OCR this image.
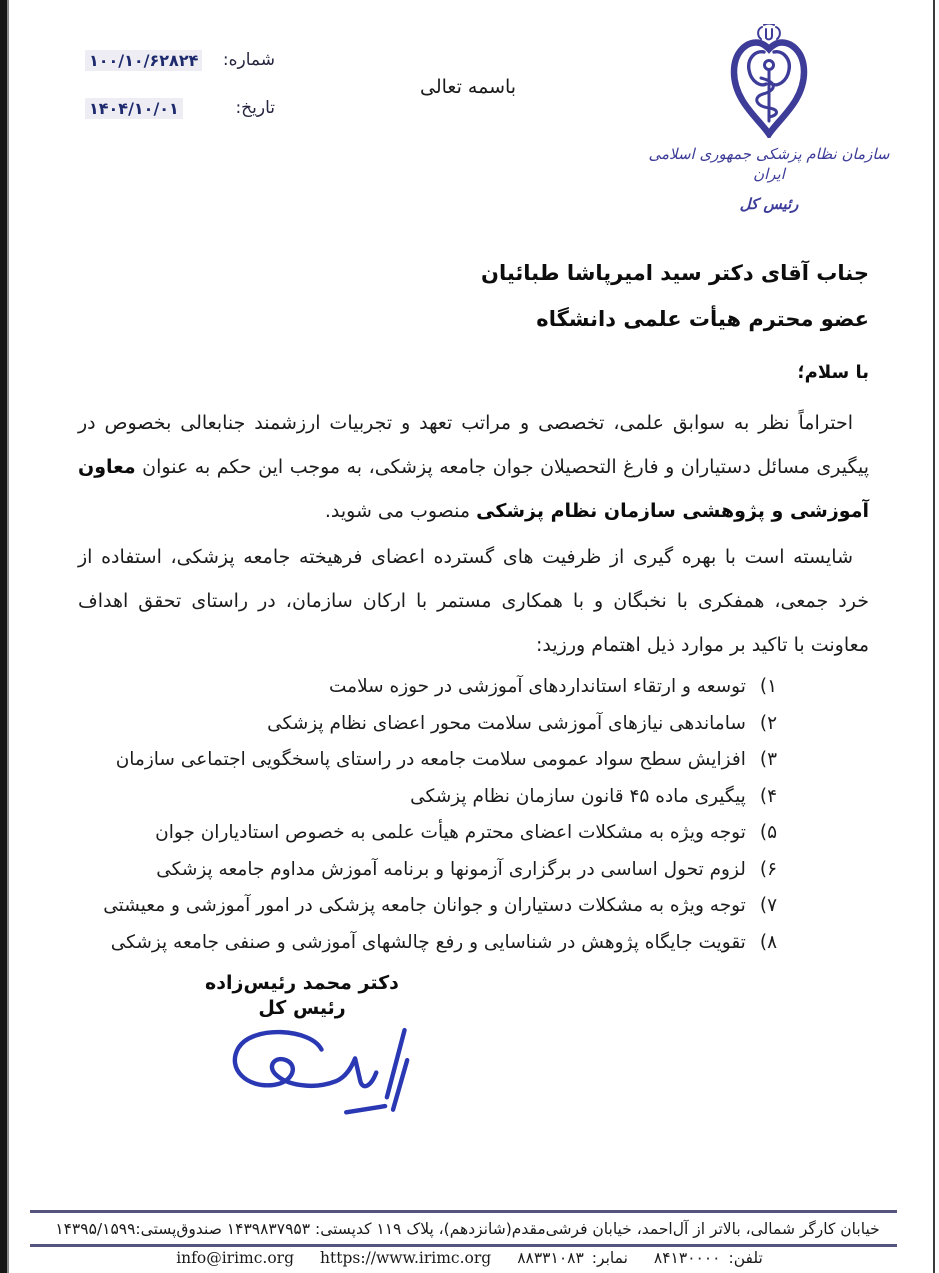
شماره:
۱۰۰/۱۰/۶۲۸۲۴
تاریخ:
۱۴۰۴/۱۰/۰۱
باسمه تعالی
سازمان نظام پزشکی جمهوری اسلامی ایران
رئیس کل
جناب آقای دکتر سید امیرپاشا طبائیان
عضو محترم هیأت علمی دانشگاه
با سلام؛
احتراماً نظر به سوابق علمی، تخصصی و مراتب تعهد و تجربیات ارزشمند جنابعالی بخصوص در پیگیری مسائل دستیاران و فارغ التحصیلان جوان جامعه پزشکی، به موجب این حکم به عنوان معاون آموزشی و پژوهشی سازمان نظام پزشکی منصوب می شوید.
شایسته است با بهره گیری از ظرفیت های گسترده اعضای فرهیخته جامعه پزشکی، استفاده از خرد جمعی، همفکری با نخبگان و با همکاری مستمر با ارکان سازمان، در راستای تحقق اهداف معاونت با تاکید بر موارد ذیل اهتمام ورزید:
۱)
توسعه و ارتقاء استانداردهای آموزشی در حوزه سلامت
۲)
ساماندهی نیازهای آموزشی سلامت محور اعضای نظام پزشکی
۳)
افزایش سطح سواد عمومی سلامت جامعه در راستای پاسخگویی اجتماعی سازمان
۴)
پیگیری ماده ۴۵ قانون سازمان نظام پزشکی
۵)
توجه ویژه به مشکلات اعضای محترم هیأت علمی به خصوص استادیاران جوان
۶)
لزوم تحول اساسی در برگزاری آزمونها و برنامه آموزش مداوم جامعه پزشکی
۷)
توجه ویژه به مشکلات دستیاران و جوانان جامعه پزشکی در امور آموزشی و معیشتی
۸)
تقویت جایگاه پژوهش در شناسایی و رفع چالشهای آموزشی و صنفی جامعه پزشکی
دکتر محمد رئیس‌زاده
رئیس کل
خیابان کارگر شمالی، بالاتر از آل‌احمد، خیابان فرشی‌مقدم(شانزدهم)، پلاک ۱۱۹ کدپستی: ۱۴۳۹۸۳۷۹۵۳ صندوق‌پستی:۱۴۳۹۵/۱۵۹۹
تلفن:
۸۴۱۳۰۰۰۰
نمابر:
۸۸۳۳۱۰۸۳
https://www.irimc.org
info@irimc.org
